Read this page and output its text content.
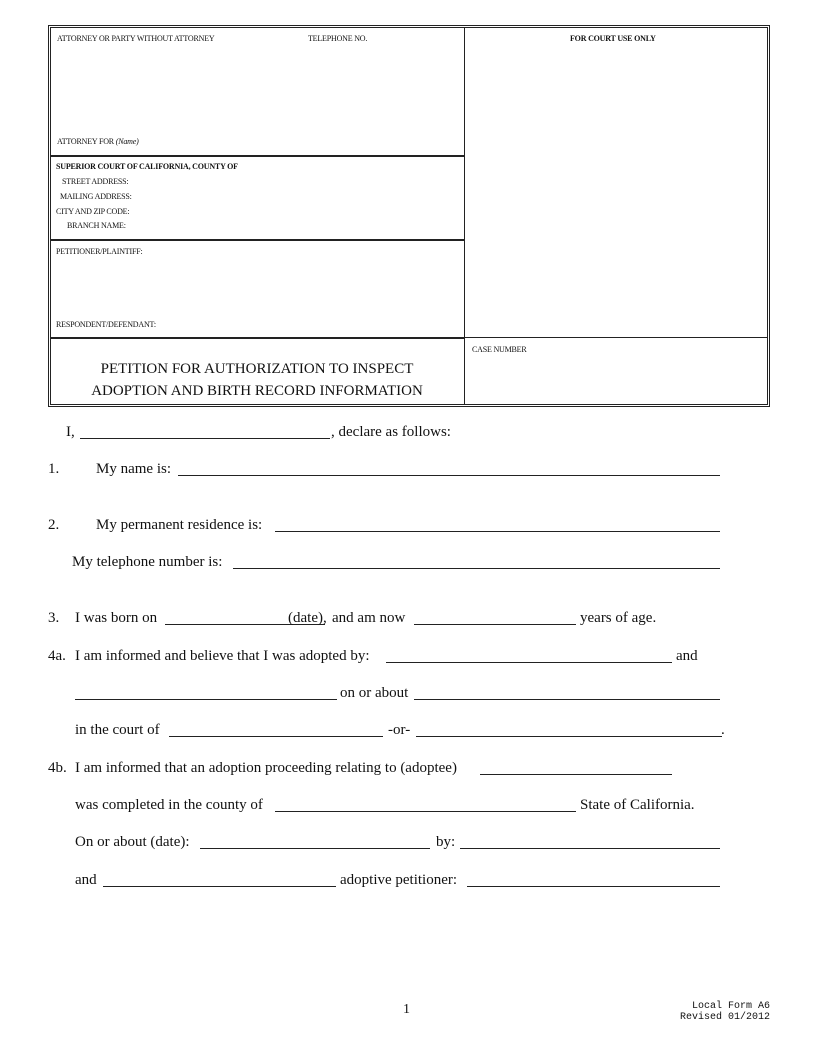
ATTORNEY OR PARTY WITHOUT ATTORNEY	TELEPHONE NO.
ATTORNEY FOR (Name)
FOR COURT USE ONLY
SUPERIOR COURT OF CALIFORNIA, COUNTY OF
STREET ADDRESS:
MAILING ADDRESS:
CITY AND ZIP CODE:
BRANCH NAME:
PETITIONER/PLAINTIFF:
RESPONDENT/DEFENDANT:
PETITION FOR AUTHORIZATION TO INSPECT
ADOPTION AND BIRTH RECORD INFORMATION
CASE NUMBER
I,	, declare as follows:
1. My name is:
2. My permanent residence is:
My telephone number is:
3. I was born on	(date), and am now	years of age.
4a. I am informed and believe that I was adopted by:	and
on or about
in the court of	-or-	.
4b. I am informed that an adoption proceeding relating to (adoptee)
was completed in the county of	State of California.
On or about (date):	by:
and	adoptive petitioner:
1	Local Form A6
Revised 01/2012
